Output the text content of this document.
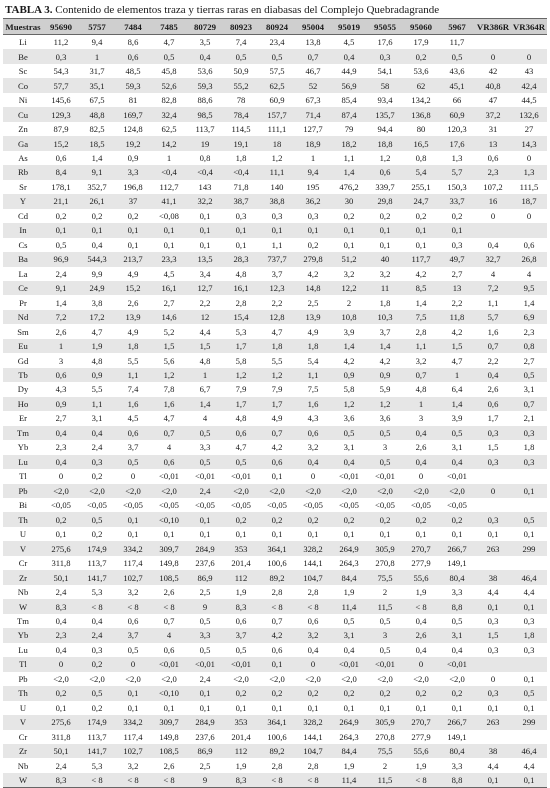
TABLA 3. Contenido de elementos traza y tierras raras en diabasas del Complejo Quebradagrande
Muestras	95690	5757	7484	7485	80729	80923	80924	95004	95019	95055	95060	5967	VR386R	VR364R
Li	11,2	9,4	8,6	4,7	3,5	7,4	23,4	13,8	4,5	17,6	17,9	11,7		
Be	0,3	1	0,6	0,5	0,4	0,5	0,5	0,7	0,4	0,3	0,2	0,5	0	0
Sc	54,3	31,7	48,5	45,8	53,6	50,9	57,5	46,7	44,9	54,1	53,6	43,6	42	43
Co	57,7	35,1	59,3	52,6	59,3	55,2	62,5	52	56,9	58	62	45,1	40,8	42,4
Ni	145,6	67,5	81	82,8	88,6	78	60,9	67,3	85,4	93,4	134,2	66	47	44,5
Cu	129,3	48,8	169,7	32,4	98,5	78,4	157,7	71,4	87,4	135,7	136,8	60,9	37,2	132,6
Zn	87,9	82,5	124,8	62,5	113,7	114,5	111,1	127,7	79	94,4	80	120,3	31	27
Ga	15,2	18,5	19,2	14,2	19	19,1	18	18,9	18,2	18,8	16,5	17,6	13	14,3
As	0,6	1,4	0,9	1	0,8	1,8	1,2	1	1,1	1,2	0,8	1,3	0,6	0
Rb	8,4	9,1	3,3	<0,4	<0,4	<0,4	11,1	9,4	1,4	0,6	5,4	5,7	2,3	1,3
Sr	178,1	352,7	196,8	112,7	143	71,8	140	195	476,2	339,7	255,1	150,3	107,2	111,5
Y	21,1	26,1	37	41,1	32,2	38,7	38,8	36,2	30	29,8	24,7	33,7	16	18,7
Cd	0,2	0,2	0,2	<0,08	0,1	0,3	0,3	0,3	0,2	0,2	0,2	0,2	0	0
In	0,1	0,1	0,1	0,1	0,1	0,1	0,1	0,1	0,1	0,1	0,1	0,1		
Cs	0,5	0,4	0,1	0,1	0,1	0,1	1,1	0,2	0,1	0,1	0,1	0,3	0,4	0,6
Ba	96,9	544,3	213,7	23,3	13,5	28,3	737,7	279,8	51,2	40	117,7	49,7	32,7	26,8
La	2,4	9,9	4,9	4,5	3,4	4,8	3,7	4,2	3,2	3,2	4,2	2,7	4	4
Ce	9,1	24,9	15,2	16,1	12,7	16,1	12,3	14,8	12,2	11	8,5	13	7,2	9,5
Pr	1,4	3,8	2,6	2,7	2,2	2,8	2,2	2,5	2	1,8	1,4	2,2	1,1	1,4
Nd	7,2	17,2	13,9	14,6	12	15,4	12,8	13,9	10,8	10,3	7,5	11,8	5,7	6,9
Sm	2,6	4,7	4,9	5,2	4,4	5,3	4,7	4,9	3,9	3,7	2,8	4,2	1,6	2,3
Eu	1	1,9	1,8	1,5	1,5	1,7	1,8	1,8	1,4	1,4	1,1	1,5	0,7	0,8
Gd	3	4,8	5,5	5,6	4,8	5,8	5,5	5,4	4,2	4,2	3,2	4,7	2,2	2,7
Tb	0,6	0,9	1,1	1,2	1	1,2	1,2	1,1	0,9	0,9	0,7	1	0,4	0,5
Dy	4,3	5,5	7,4	7,8	6,7	7,9	7,9	7,5	5,8	5,9	4,8	6,4	2,6	3,1
Ho	0,9	1,1	1,6	1,6	1,4	1,7	1,7	1,6	1,2	1,2	1	1,4	0,6	0,7
Er	2,7	3,1	4,5	4,7	4	4,8	4,9	4,3	3,6	3,6	3	3,9	1,7	2,1
Tm	0,4	0,4	0,6	0,7	0,5	0,6	0,7	0,6	0,5	0,5	0,4	0,5	0,3	0,3
Yb	2,3	2,4	3,7	4	3,3	4,7	4,2	3,2	3,1	3	2,6	3,1	1,5	1,8
Lu	0,4	0,3	0,5	0,6	0,5	0,5	0,6	0,4	0,4	0,5	0,4	0,4	0,3	0,3
Tl	0	0,2	0	<0,01	<0,01	<0,01	0,1	0	<0,01	<0,01	0	<0,01		
Pb	<2,0	<2,0	<2,0	<2,0	2,4	<2,0	<2,0	<2,0	<2,0	<2,0	<2,0	<2,0	0	0,1
Bi	<0,05	<0,05	<0,05	<0,05	<0,05	<0,05	<0,05	<0,05	<0,05	<0,05	<0,05	<0,05		
Th	0,2	0,5	0,1	<0,10	0,1	0,2	0,2	0,2	0,2	0,2	0,2	0,2	0,3	0,5
U	0,1	0,2	0,1	0,1	0,1	0,1	0,1	0,1	0,1	0,1	0,1	0,1	0,1	0,1
V	275,6	174,9	334,2	309,7	284,9	353	364,1	328,2	264,9	305,9	270,7	266,7	263	299
Cr	311,8	113,7	117,4	149,8	237,6	201,4	100,6	144,1	264,3	270,8	277,9	149,1		
Zr	50,1	141,7	102,7	108,5	86,9	112	89,2	104,7	84,4	75,5	55,6	80,4	38	46,4
Nb	2,4	5,3	3,2	2,6	2,5	1,9	2,8	2,8	1,9	2	1,9	3,3	4,4	4,4
W	8,3	< 8	< 8	< 8	9	8,3	< 8	< 8	11,4	11,5	< 8	8,8	0,1	0,1
Tm	0,4	0,4	0,6	0,7	0,5	0,6	0,7	0,6	0,5	0,5	0,4	0,5	0,3	0,3
Yb	2,3	2,4	3,7	4	3,3	3,7	4,2	3,2	3,1	3	2,6	3,1	1,5	1,8
Lu	0,4	0,3	0,5	0,6	0,5	0,5	0,6	0,4	0,4	0,5	0,4	0,4	0,3	0,3
Tl	0	0,2	0	<0,01	<0,01	<0,01	0,1	0	<0,01	<0,01	0	<0,01		
Pb	<2,0	<2,0	<2,0	<2,0	2,4	<2,0	<2,0	<2,0	<2,0	<2,0	<2,0	<2,0	0	0,1
Th	0,2	0,5	0,1	<0,10	0,1	0,2	0,2	0,2	0,2	0,2	0,2	0,2	0,3	0,5
U	0,1	0,2	0,1	0,1	0,1	0,1	0,1	0,1	0,1	0,1	0,1	0,1	0,1	0,1
V	275,6	174,9	334,2	309,7	284,9	353	364,1	328,2	264,9	305,9	270,7	266,7	263	299
Cr	311,8	113,7	117,4	149,8	237,6	201,4	100,6	144,1	264,3	270,8	277,9	149,1		
Zr	50,1	141,7	102,7	108,5	86,9	112	89,2	104,7	84,4	75,5	55,6	80,4	38	46,4
Nb	2,4	5,3	3,2	2,6	2,5	1,9	2,8	2,8	1,9	2	1,9	3,3	4,4	4,4
W	8,3	< 8	< 8	< 8	9	8,3	< 8	< 8	11,4	11,5	< 8	8,8	0,1	0,1
